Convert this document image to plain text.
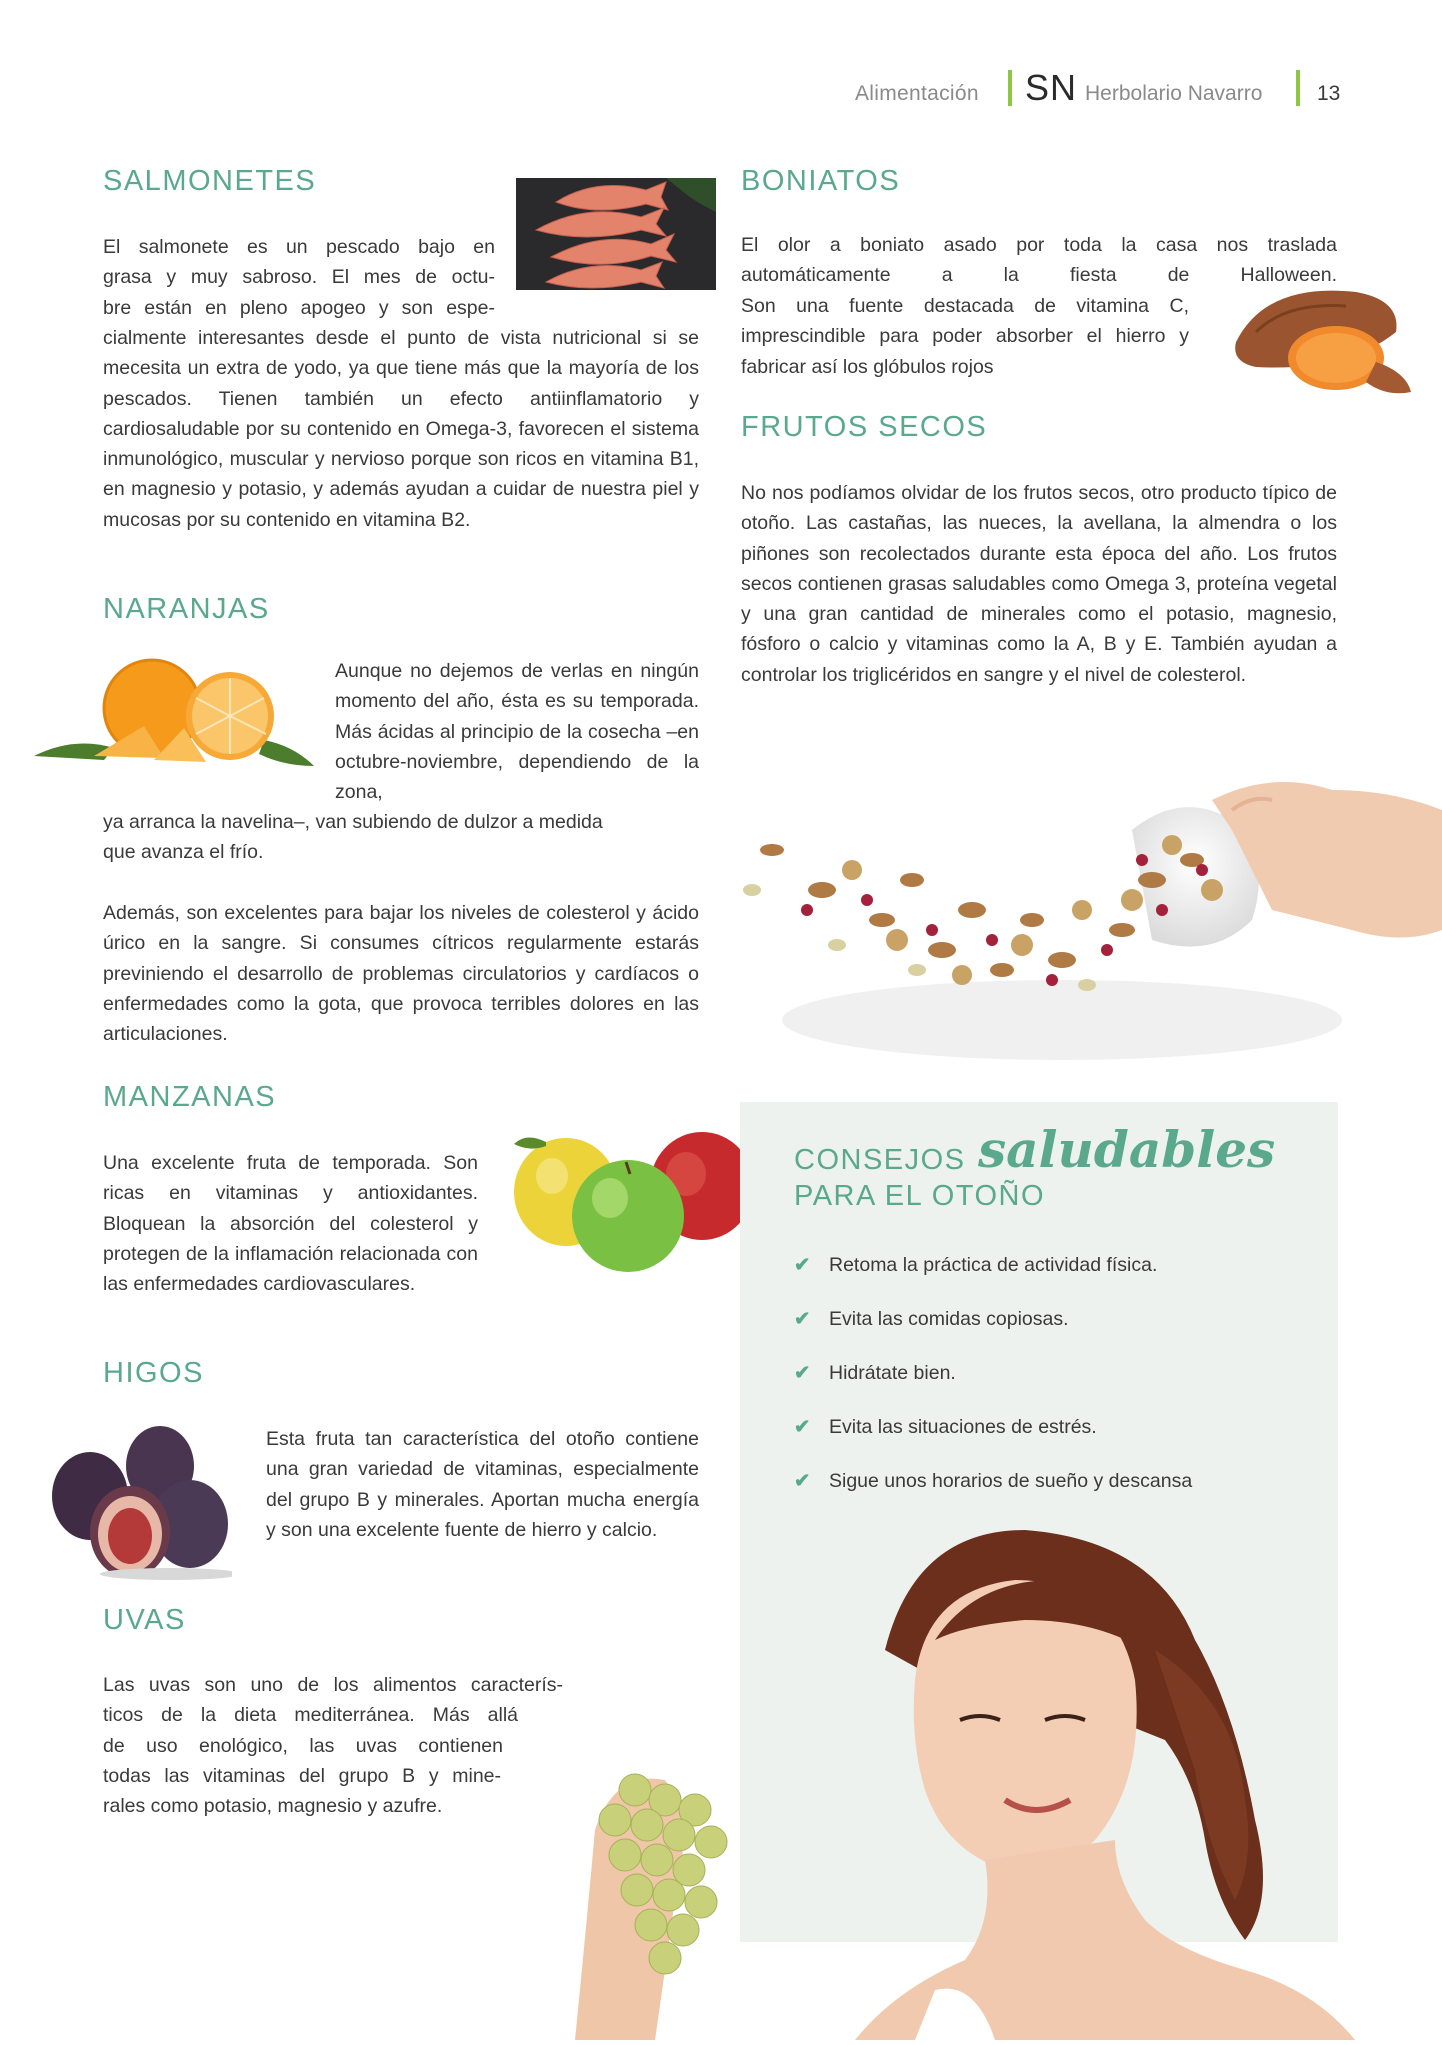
Alimentación SN Herbolario Navarro	13
SALMONETES

El salmonete es un pescado bajo en
grasa y muy sabroso. El mes de octu-
bre están en pleno apogeo y son espe-

cialmente interesantes desde el punto de vista nutricional si se mecesita un extra de yodo, ya que tiene más que la mayoría de los pescados. Tienen también un efecto antiinflamatorio y cardiosaludable por su contenido en Omega-3, favorecen el sistema inmunológico, muscular y nervioso porque son ricos en vitamina B1, en magnesio y potasio, y además ayudan a cuidar de nuestra piel y mucosas por su contenido en vitamina B2.

NARANJAS

Aunque no dejemos de verlas en ningún momento del año, ésta es su temporada. Más ácidas al principio de la cosecha –en octubre-noviembre, dependiendo de la zona,

ya arranca la navelina–, van subiendo de dulzor a medida que avanza el frío.

Además, son excelentes para bajar los niveles de colesterol y ácido úrico en la sangre. Si consumes cítricos regularmente estarás previniendo el desarrollo de problemas circulatorios y cardíacos o enfermedades como la gota, que provoca terribles dolores en las articulaciones.

MANZANAS

Una excelente fruta de temporada. Son ricas en vitaminas y antioxidantes. Bloquean la absorción del colesterol y protegen de la inflamación relacionada con las enfermedades cardiovasculares.

HIGOS

Esta fruta tan característica del otoño contiene una gran variedad de vitaminas, especialmente del grupo B y minerales. Aportan mucha energía y son una excelente fuente de hierro y calcio.

UVAS

Las uvas son uno de los alimentos caracterís-
ticos de la dieta mediterránea. Más allá
de uso enológico, las uvas contienen
todas las vitaminas del grupo B y mine-
rales como potasio, magnesio y azufre.

BONIATOS

El olor a boniato asado por toda la casa nos traslada automáticamente a la fiesta de Halloween.

Son una fuente destacada de vitamina C, imprescindible para poder absorber el hierro y fabricar así los glóbulos rojos

FRUTOS SECOS

No nos podíamos olvidar de los frutos secos, otro producto típico de otoño. Las castañas, las nueces, la avellana, la almendra o los piñones son recolectados durante esta época del año. Los frutos secos contienen grasas saludables como Omega 3, proteína vegetal y una gran cantidad de minerales como el potasio, magnesio, fósforo o calcio y vitaminas como la A, B y E. También ayudan a controlar los triglicéridos en sangre y el nivel de colesterol.

CONSEJOS saludables
PARA EL OTOÑO
✔ Retoma la práctica de actividad física.
✔ Evita las comidas copiosas.
✔ Hidrátate bien.
✔ Evita las situaciones de estrés.
✔ Sigue unos horarios de sueño y descansa
